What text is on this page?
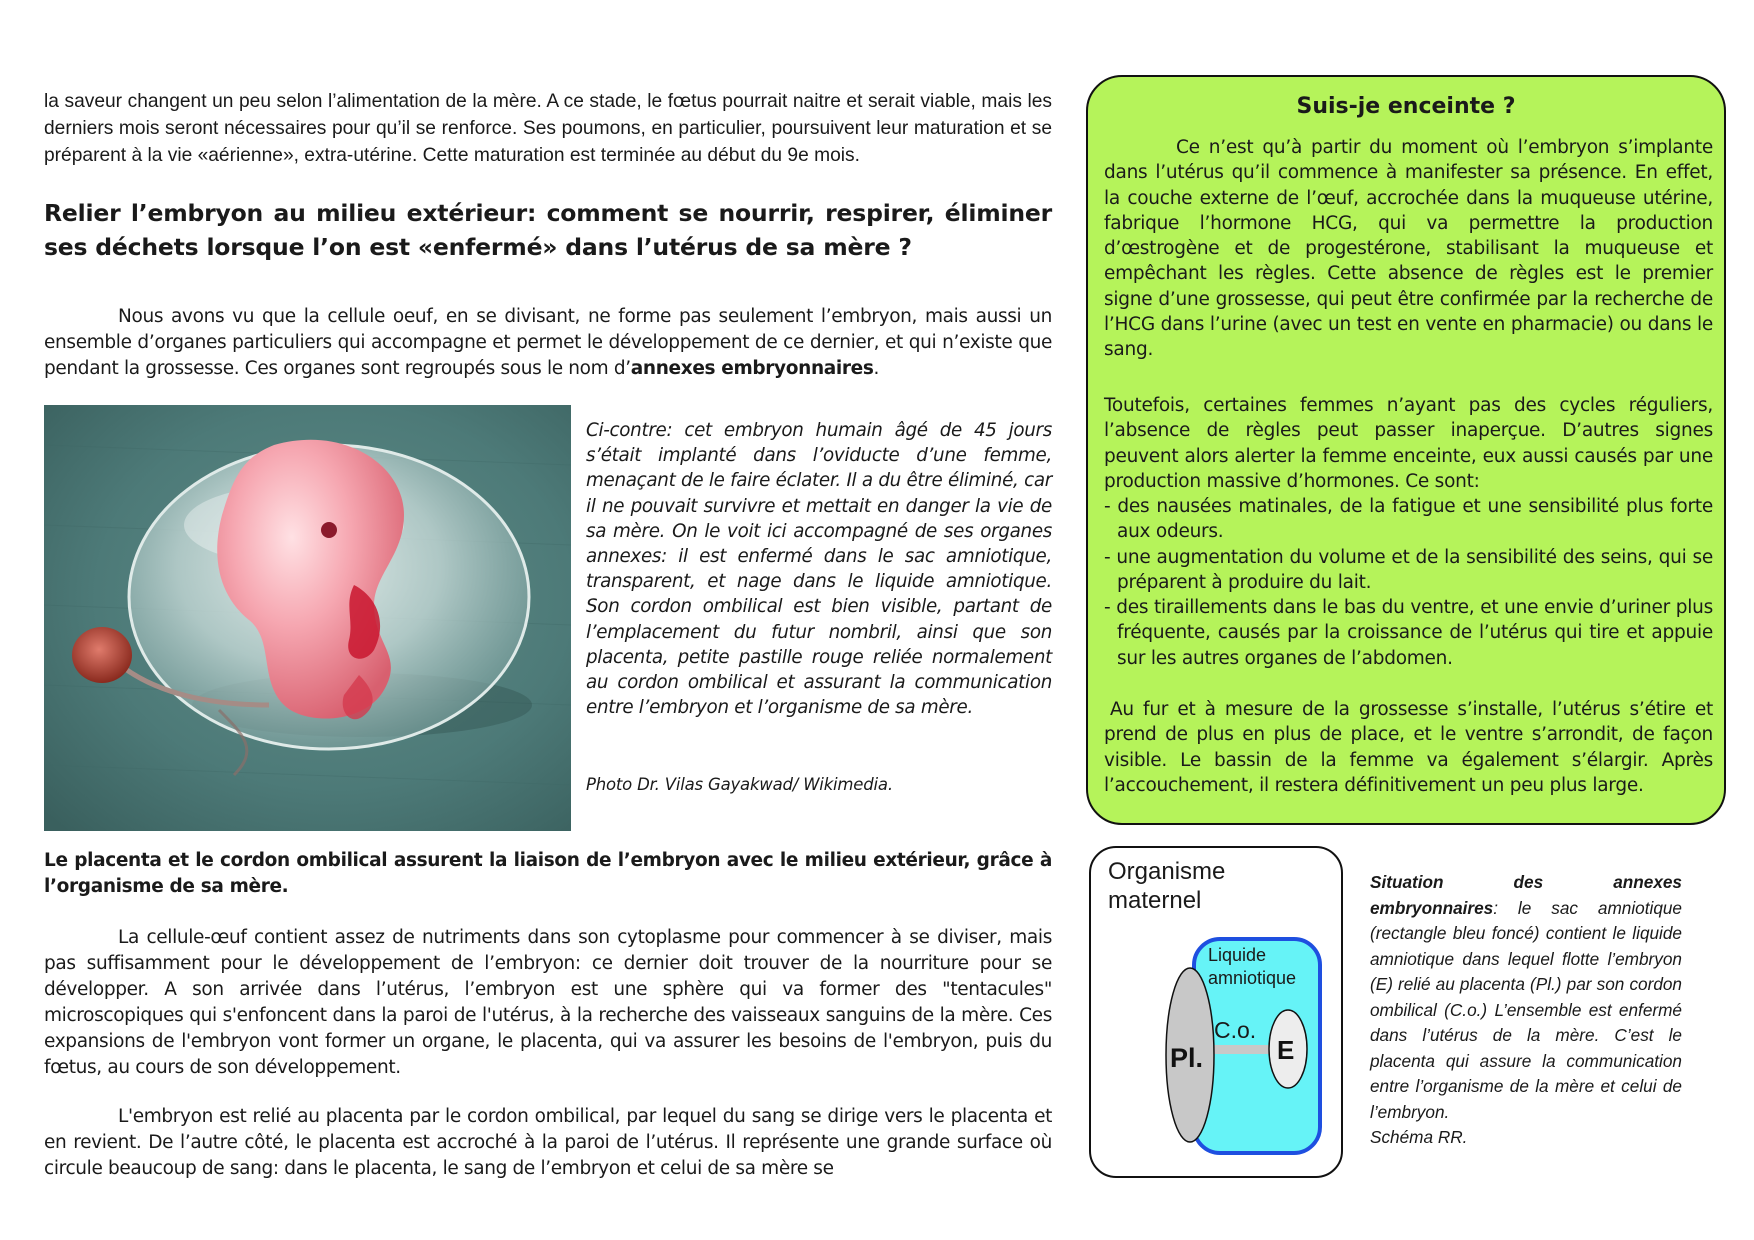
la saveur changent un peu selon l’alimentation de la mère. A ce stade, le fœtus pourrait naitre et serait viable, mais les derniers mois seront nécessaires pour qu’il se renforce. Ses poumons, en particulier, poursuivent leur maturation et se préparent à la vie «aérienne», extra-utérine. Cette maturation est terminée au début du 9e mois.

Relier l’embryon au milieu extérieur: comment se nourrir, respirer, éliminer ses déchets lorsque l’on est «enfermé» dans l’utérus de sa mère ?

Nous avons vu que la cellule oeuf, en se divisant, ne forme pas seulement l’embryon, mais aussi un ensemble d’organes particuliers qui accompagne et permet le développement de ce dernier, et qui n’existe que pendant la grossesse. Ces organes sont regroupés sous le nom d’annexes embryonnaires.

Ci-contre: cet embryon humain âgé de 45 jours s’était implanté dans l’oviducte d’une femme, menaçant de le faire éclater. Il a du être éliminé, car il ne pouvait survivre et mettait en danger la vie de sa mère. On le voit ici accompagné de ses organes annexes: il est enfermé dans le sac amniotique, transparent, et nage dans le liquide amniotique. Son cordon ombilical est bien visible, partant de l’emplacement du futur nombril, ainsi que son placenta, petite pastille rouge reliée normalement au cordon ombilical et assurant la communication entre l’embryon et l’organisme de sa mère.

Photo Dr. Vilas Gayakwad/ Wikimedia.

Le placenta et le cordon ombilical assurent la liaison de l’embryon avec le milieu extérieur, grâce à l’organisme de sa mère.

La cellule-œuf contient assez de nutriments dans son cytoplasme pour commencer à se diviser, mais pas suffisamment pour le développement de l’embryon: ce dernier doit trouver de la nourriture pour se développer. A son arrivée dans l’utérus, l’embryon est une sphère qui va former des "tentacules" microscopiques qui s'enfoncent dans la paroi de l'utérus, à la recherche des vaisseaux sanguins de la mère. Ces expansions de l'embryon vont former un organe, le placenta, qui va assurer les besoins de l'embryon, puis du fœtus, au cours de son développement.

L'embryon est relié au placenta par le cordon ombilical, par lequel du sang se dirige vers le placenta et en revient. De l’autre côté, le placenta est accroché à la paroi de l’utérus. Il représente une grande surface où circule beaucoup de sang: dans le placenta, le sang de l’embryon et celui de sa mère se

Suis-je enceinte ?

Ce n’est qu’à partir du moment où l’embryon s’implante dans l’utérus qu’il commence à manifester sa présence. En effet, la couche externe de l’œuf, accrochée dans la muqueuse utérine, fabrique l’hormone HCG, qui va permettre la production d’œstrogène et de progestérone, stabilisant la muqueuse et empêchant les règles. Cette absence de règles est le premier signe d’une grossesse, qui peut être confirmée par la recherche de l’HCG dans l’urine (avec un test en vente en pharmacie) ou dans le sang.

Toutefois, certaines femmes n’ayant pas des cycles réguliers, l’absence de règles peut passer inaperçue. D’autres signes peuvent alors alerter la femme enceinte, eux aussi causés par une production massive d’hormones. Ce sont:

- des nausées matinales, de la fatigue et une sensibilité plus forte aux odeurs.
- une augmentation du volume et de la sensibilité des seins, qui se préparent à produire du lait.
- des tiraillements dans le bas du ventre, et une envie d’uriner plus fréquente, causés par la croissance de l’utérus qui tire et appuie sur les autres organes de l’abdomen.

Au fur et à mesure de la grossesse s’installe, l’utérus s’étire et prend de plus en plus de place, et le ventre s’arrondit, de façon visible. Le bassin de la femme va également s’élargir. Après l’accouchement, il restera définitivement un peu plus large.

Organisme
maternel
Liquide
amniotique
C.o.
Pl.	E

Situation des annexes embryonnaires: le sac amniotique (rectangle bleu foncé) contient le liquide amniotique dans lequel flotte l’embryon (E) relié au placenta (Pl.) par son cordon ombilical (C.o.) L’ensemble est enfermé dans l’utérus de la mère. C’est le placenta qui assure la communication entre l’organisme de la mère et celui de l’embryon.
Schéma RR.
